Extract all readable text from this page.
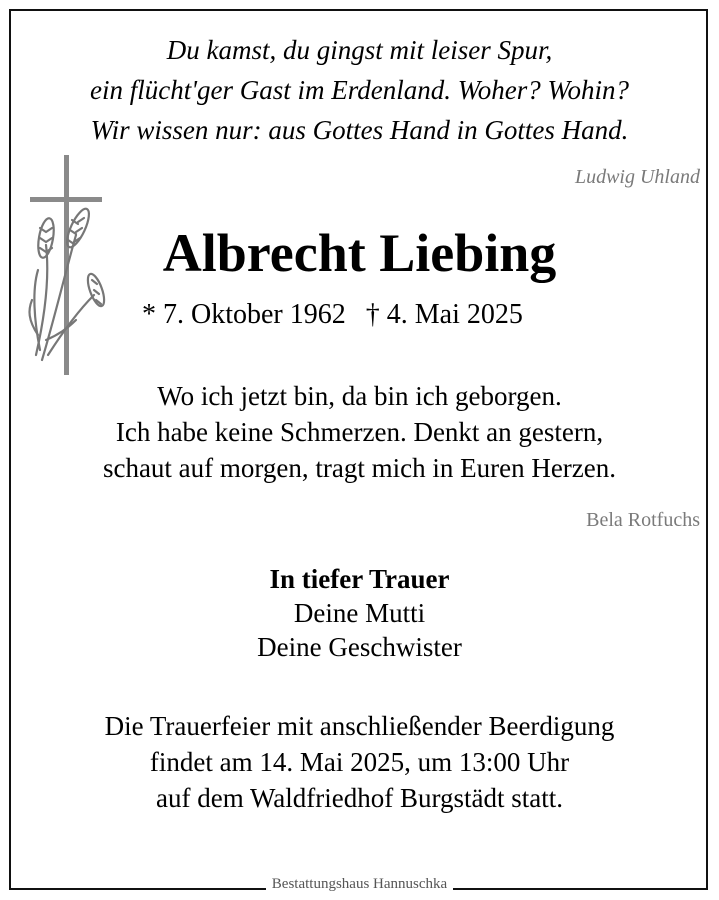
Du kamst, du gingst mit leiser Spur,
ein flücht'ger Gast im Erdenland. Woher? Wohin?
Wir wissen nur: aus Gottes Hand in Gottes Hand.
Ludwig Uhland
Albrecht Liebing
* 7. Oktober 1962 † 4. Mai 2025
Wo ich jetzt bin, da bin ich geborgen.
Ich habe keine Schmerzen. Denkt an gestern,
schaut auf morgen, tragt mich in Euren Herzen.
Bela Rotfuchs
In tiefer Trauer
Deine Mutti
Deine Geschwister
Die Trauerfeier mit anschließender Beerdigung
findet am 14. Mai 2025, um 13:00 Uhr
auf dem Waldfriedhof Burgstädt statt.
Bestattungshaus Hannuschka
